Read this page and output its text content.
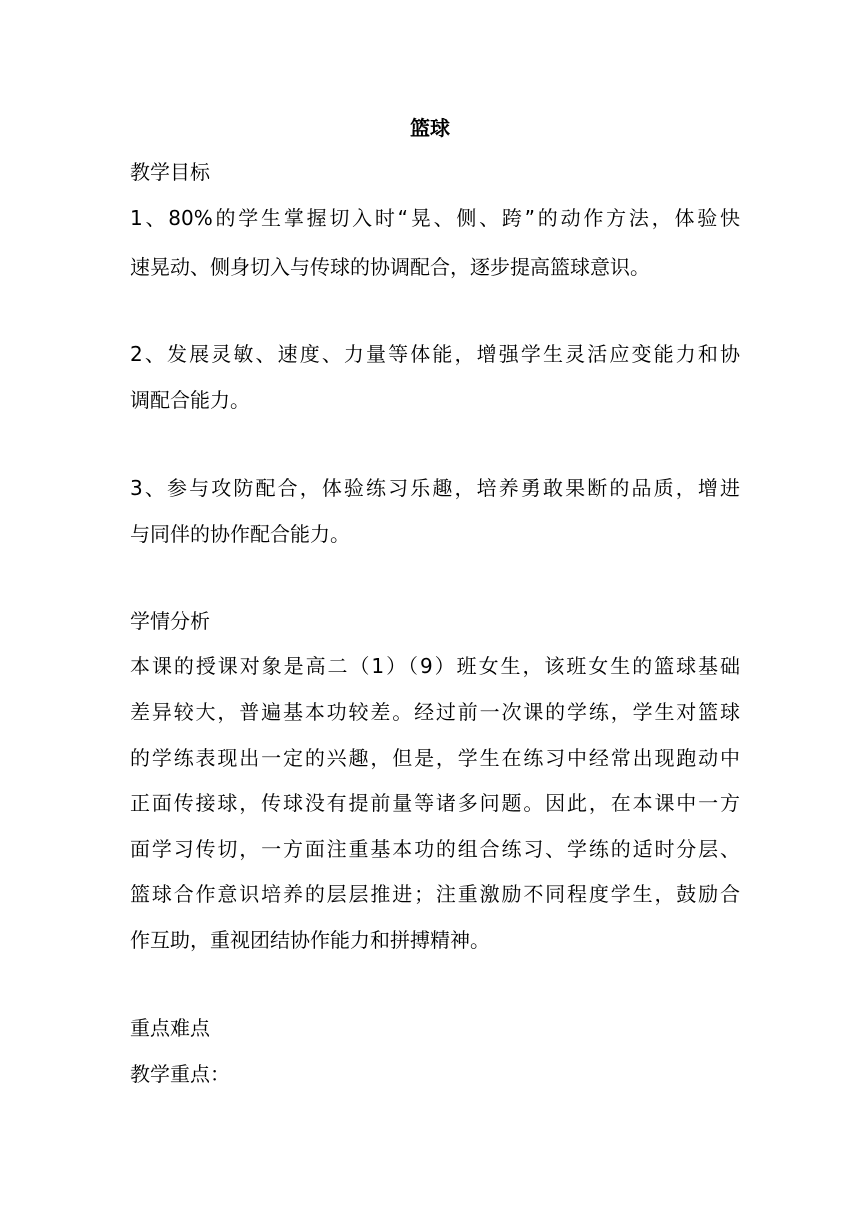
篮球
教学目标
1、80%的学生掌握切入时“晃、侧、跨”的动作方法，体验快
速晃动、侧身切入与传球的协调配合，逐步提高篮球意识。
2、发展灵敏、速度、力量等体能，增强学生灵活应变能力和协
调配合能力。
3、参与攻防配合，体验练习乐趣，培养勇敢果断的品质，增进
与同伴的协作配合能力。
学情分析
本课的授课对象是高二（1）（9）班女生，该班女生的篮球基础
差异较大，普遍基本功较差。经过前一次课的学练，学生对篮球
的学练表现出一定的兴趣，但是，学生在练习中经常出现跑动中
正面传接球，传球没有提前量等诸多问题。因此，在本课中一方
面学习传切，一方面注重基本功的组合练习、学练的适时分层、
篮球合作意识培养的层层推进；注重激励不同程度学生，鼓励合
作互助，重视团结协作能力和拼搏精神。
重点难点
教学重点：
